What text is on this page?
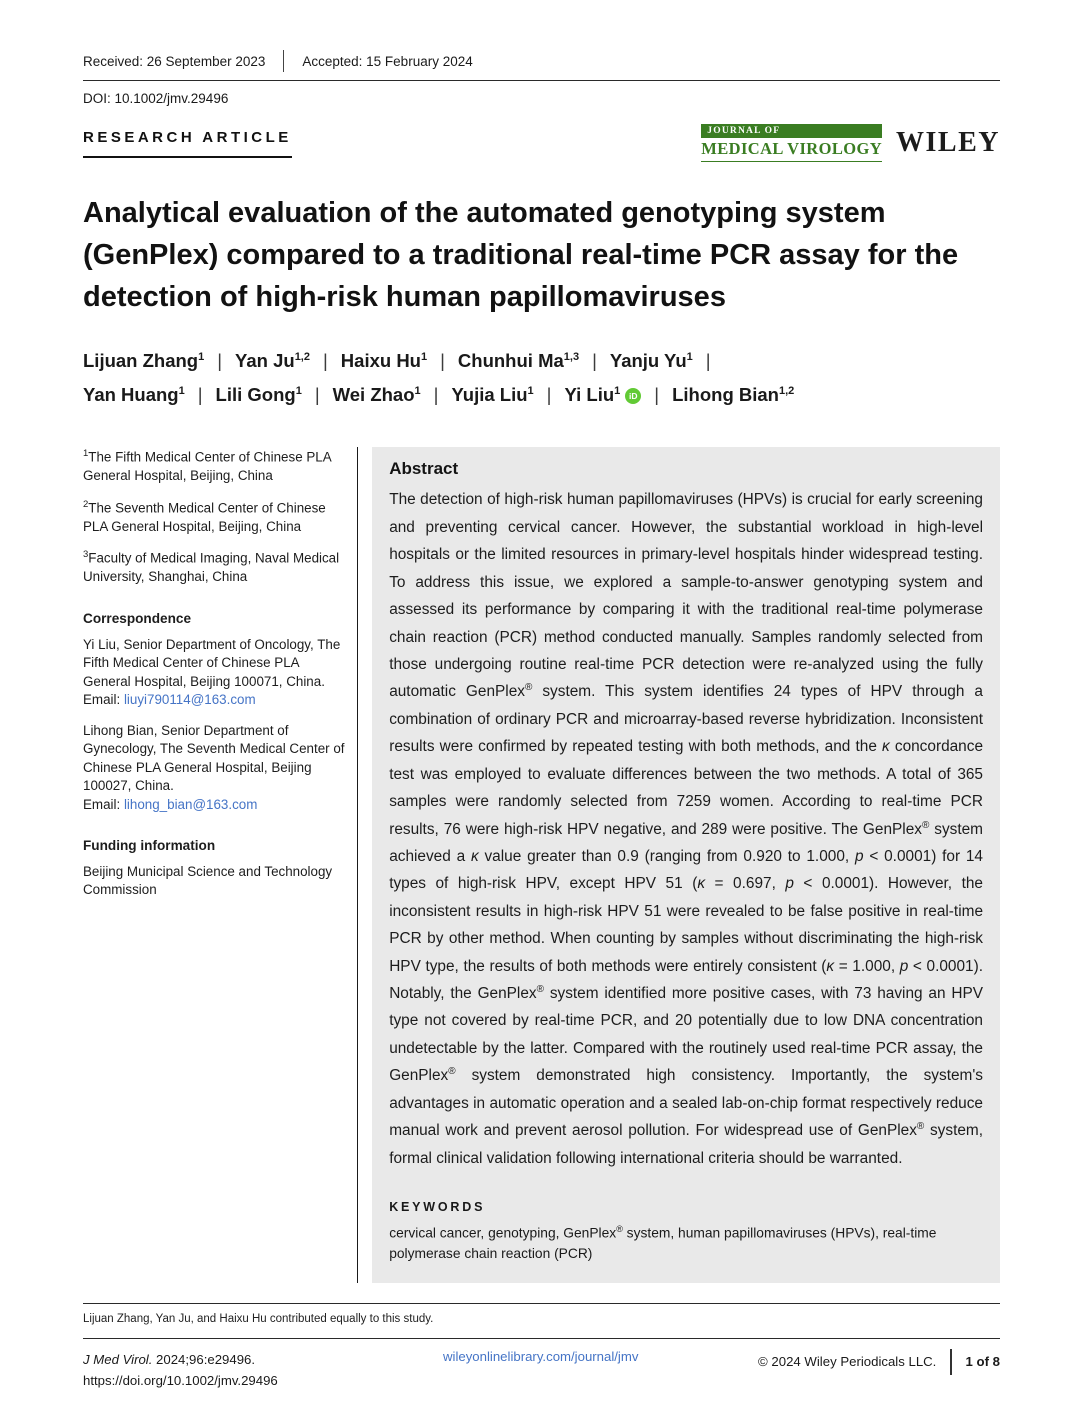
Received: 26 September 2023	Accepted: 15 February 2024
DOI: 10.1002/jmv.29496
RESEARCH ARTICLE	JOURNAL OF
MEDICAL VIROLOGY WILEY
Analytical evaluation of the automated genotyping system (GenPlex) compared to a traditional real-time PCR assay for the detection of high-risk human papillomaviruses
Lijuan Zhang$^1$ | Yan Ju$^{1,2}$ | Haixu Hu$^1$ | Chunhui Ma$^{1,3}$ | Yanju Yu$^1$ |
Yan Huang$^1$ | Lili Gong$^1$ | Wei Zhao$^1$ | Yujia Liu$^1$ | Yi Liu$^1$ iD | Lihong Bian$^{1,2}$

$^1$The Fifth Medical Center of Chinese PLA General Hospital, Beijing, China

$^2$The Seventh Medical Center of Chinese PLA General Hospital, Beijing, China

$^3$Faculty of Medical Imaging, Naval Medical University, Shanghai, China

Correspondence

Yi Liu, Senior Department of Oncology, The Fifth Medical Center of Chinese PLA General Hospital, Beijing 100071, China.
Email: liuyi790114@163.com

Lihong Bian, Senior Department of Gynecology, The Seventh Medical Center of Chinese PLA General Hospital, Beijing 100027, China.
Email: lihong_bian@163.com

Funding information
Beijing Municipal Science and Technology Commission
Abstract
The detection of high-risk human papillomaviruses (HPVs) is crucial for early screening and preventing cervical cancer. However, the substantial workload in high-level hospitals or the limited resources in primary-level hospitals hinder widespread testing. To address this issue, we explored a sample-to-answer genotyping system and assessed its performance by comparing it with the traditional real-time polymerase chain reaction (PCR) method conducted manually. Samples randomly selected from those undergoing routine real-time PCR detection were re-analyzed using the fully automatic GenPlex® system. This system identifies 24 types of HPV through a combination of ordinary PCR and microarray-based reverse hybridization. Inconsistent results were confirmed by repeated testing with both methods, and the κ concordance test was employed to evaluate differences between the two methods. A total of 365 samples were randomly selected from 7259 women. According to real-time PCR results, 76 were high-risk HPV negative, and 289 were positive. The GenPlex® system achieved a κ value greater than 0.9 (ranging from 0.920 to 1.000, p < 0.0001) for 14 types of high-risk HPV, except HPV 51 (κ = 0.697, p < 0.0001). However, the inconsistent results in high-risk HPV 51 were revealed to be false positive in real-time PCR by other method. When counting by samples without discriminating the high-risk HPV type, the results of both methods were entirely consistent (κ = 1.000, p < 0.0001). Notably, the GenPlex® system identified more positive cases, with 73 having an HPV type not covered by real-time PCR, and 20 potentially due to low DNA concentration undetectable by the latter. Compared with the routinely used real-time PCR assay, the GenPlex® system demonstrated high consistency. Importantly, the system's advantages in automatic operation and a sealed lab-on-chip format respectively reduce manual work and prevent aerosol pollution. For widespread use of GenPlex® system, formal clinical validation following international criteria should be warranted.
KEYWORDS
cervical cancer, genotyping, GenPlex® system, human papillomaviruses (HPVs), real-time polymerase chain reaction (PCR)
Lijuan Zhang, Yan Ju, and Haixu Hu contributed equally to this study.
J Med Virol. 2024;96:e29496.
https://doi.org/10.1002/jmv.29496
wileyonlinelibrary.com/journal/jmv	© 2024 Wiley Periodicals LLC. 1 of 8
